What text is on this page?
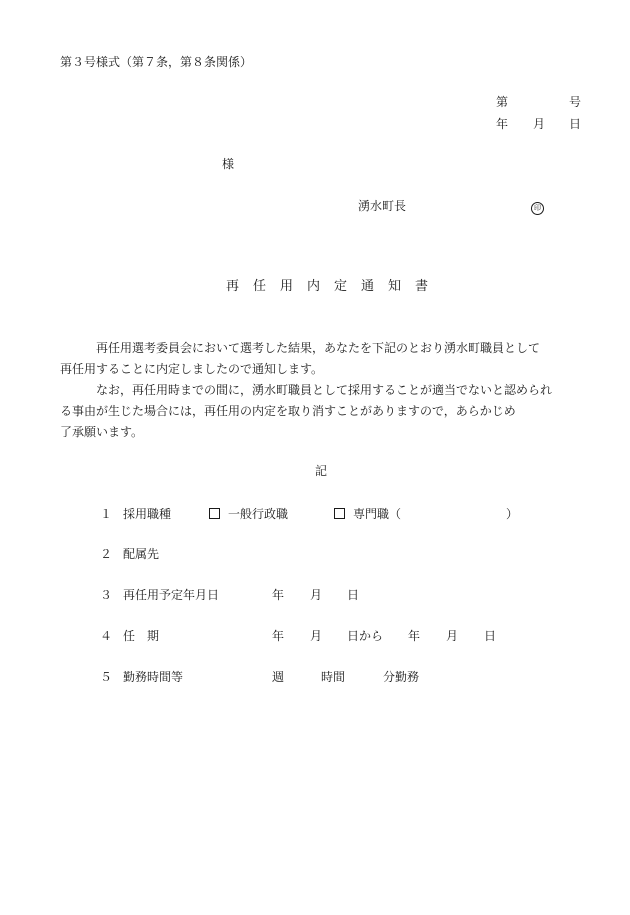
第３号様式（第７条，第８条関係）
第	号
年 月 日
様
湧水町長	印
再 任 用 内 定 通 知 書

再任用選考委員会において選考した結果，あなたを下記のとおり湧水町職員として

再任用することに内定しましたので通知します。

なお，再任用時までの間に，湧水町職員として採用することが適当でないと認められ

る事由が生じた場合には，再任用の内定を取り消すことがありますので，あらかじめ

了承願います。

記
１ 採用職種	一般行政職	専門職（	）
２ 配属先
３ 再任用予定年月日	年 月 日
４ 任　期	年 月 日から 年 月 日
５ 勤務時間等	週	時間	分勤務
